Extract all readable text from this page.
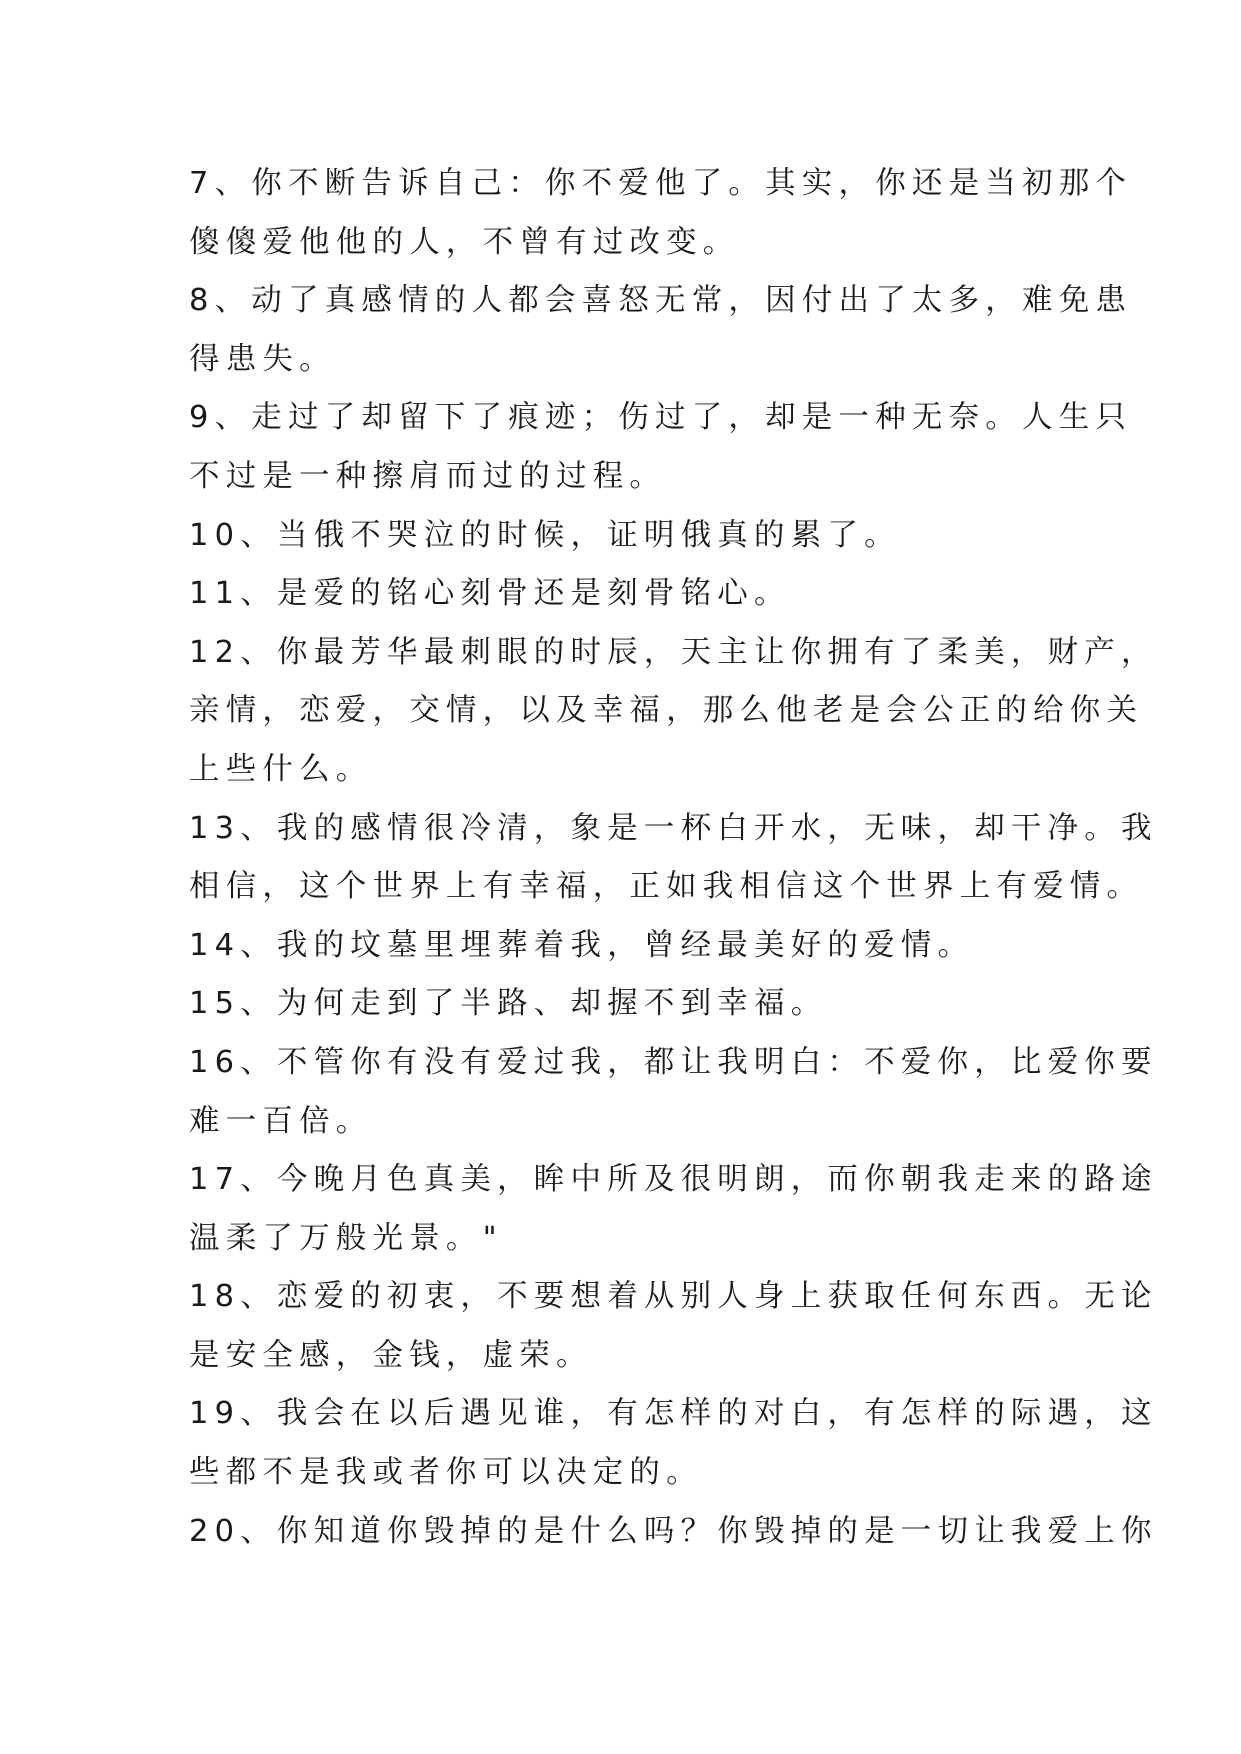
7、你不断告诉自己：你不爱他了。其实，你还是当初那个
傻傻爱他他的人，不曾有过改变。
8、动了真感情的人都会喜怒无常，因付出了太多，难免患
得患失。
9、走过了却留下了痕迹；伤过了，却是一种无奈。人生只
不过是一种擦肩而过的过程。
10、当俄不哭泣的时候，证明俄真的累了。
11、是爱的铭心刻骨还是刻骨铭心。
12、你最芳华最刺眼的时辰，天主让你拥有了柔美，财产，
亲情，恋爱，交情，以及幸福，那么他老是会公正的给你关
上些什么。
13、我的感情很冷清，象是一杯白开水，无味，却干净。我
相信，这个世界上有幸福，正如我相信这个世界上有爱情。
14、我的坟墓里埋葬着我，曾经最美好的爱情。
15、为何走到了半路、却握不到幸福。
16、不管你有没有爱过我，都让我明白：不爱你，比爱你要
难一百倍。
17、今晚月色真美，眸中所及很明朗，而你朝我走来的路途
温柔了万般光景。"
18、恋爱的初衷，不要想着从别人身上获取任何东西。无论
是安全感，金钱，虚荣。
19、我会在以后遇见谁，有怎样的对白，有怎样的际遇，这
些都不是我或者你可以决定的。
20、你知道你毁掉的是什么吗？你毁掉的是一切让我爱上你
